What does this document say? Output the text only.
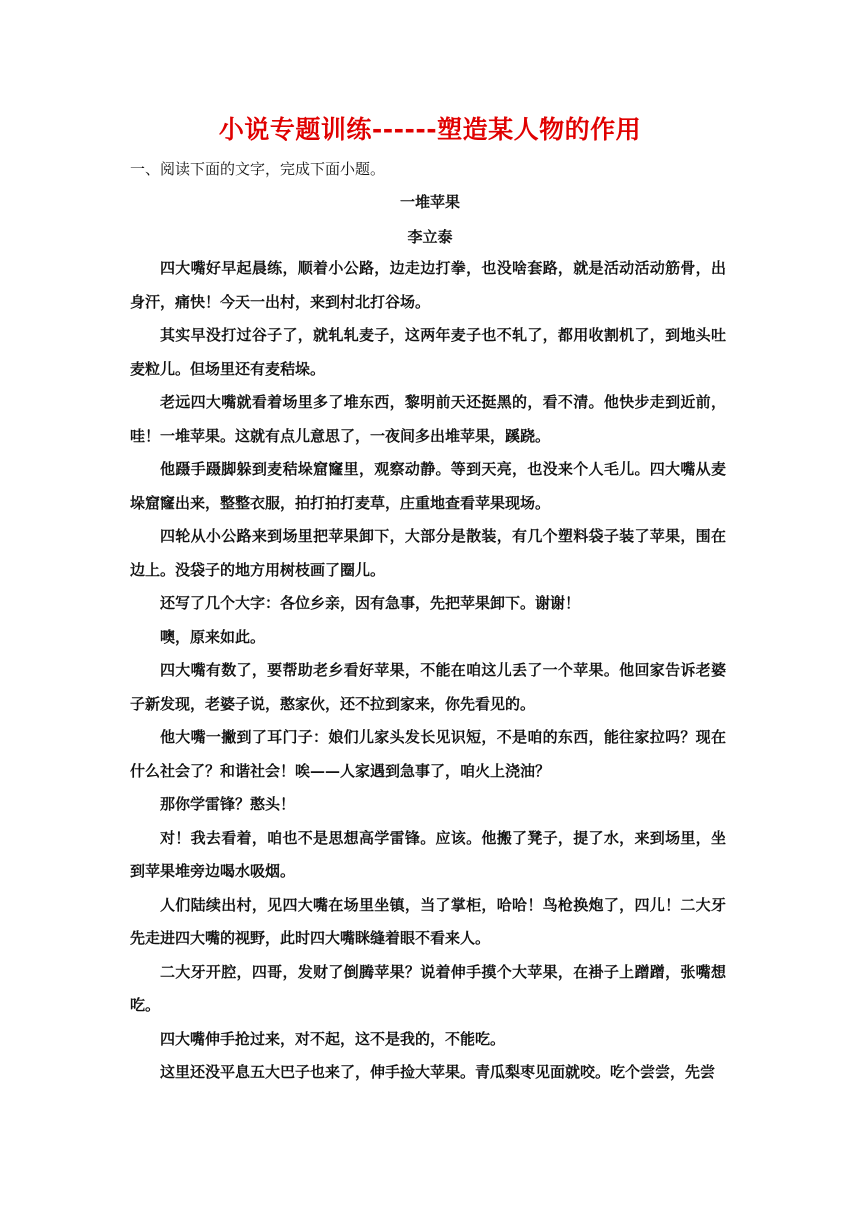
小说专题训练------塑造某人物的作用
一、阅读下面的文字，完成下面小题。
一堆苹果
李立泰

四大嘴好早起晨练，顺着小公路，边走边打拳，也没啥套路，就是活动活动筋骨，出身汗，痛快！今天一出村，来到村北打谷场。

其实早没打过谷子了，就轧轧麦子，这两年麦子也不轧了，都用收割机了，到地头吐麦粒儿。但场里还有麦秸垛。

老远四大嘴就看着场里多了堆东西，黎明前天还挺黑的，看不清。他快步走到近前，哇！一堆苹果。这就有点儿意思了，一夜间多出堆苹果，蹊跷。

他蹑手蹑脚躲到麦秸垛窟窿里，观察动静。等到天亮，也没来个人毛儿。四大嘴从麦垛窟窿出来，整整衣服，拍打拍打麦草，庄重地查看苹果现场。

四轮从小公路来到场里把苹果卸下，大部分是散装，有几个塑料袋子装了苹果，围在边上。没袋子的地方用树枝画了圈儿。

还写了几个大字：各位乡亲，因有急事，先把苹果卸下。谢谢！

噢，原来如此。

四大嘴有数了，要帮助老乡看好苹果，不能在咱这儿丢了一个苹果。他回家告诉老婆子新发现，老婆子说，憨家伙，还不拉到家来，你先看见的。

他大嘴一撇到了耳门子：娘们儿家头发长见识短，不是咱的东西，能往家拉吗？现在什么社会了？和谐社会！唉——人家遇到急事了，咱火上浇油？

那你学雷锋？憨头！

对！我去看着，咱也不是思想高学雷锋。应该。他搬了凳子，提了水，来到场里，坐到苹果堆旁边喝水吸烟。

人们陆续出村，见四大嘴在场里坐镇，当了掌柜，哈哈！鸟枪换炮了，四儿！二大牙先走进四大嘴的视野，此时四大嘴眯缝着眼不看来人。

二大牙开腔，四哥，发财了倒腾苹果？说着伸手摸个大苹果，在褂子上蹭蹭，张嘴想吃。

四大嘴伸手抢过来，对不起，这不是我的，不能吃。

这里还没平息五大巴子也来了，伸手捡大苹果。青瓜梨枣见面就咬。吃个尝尝，先尝
